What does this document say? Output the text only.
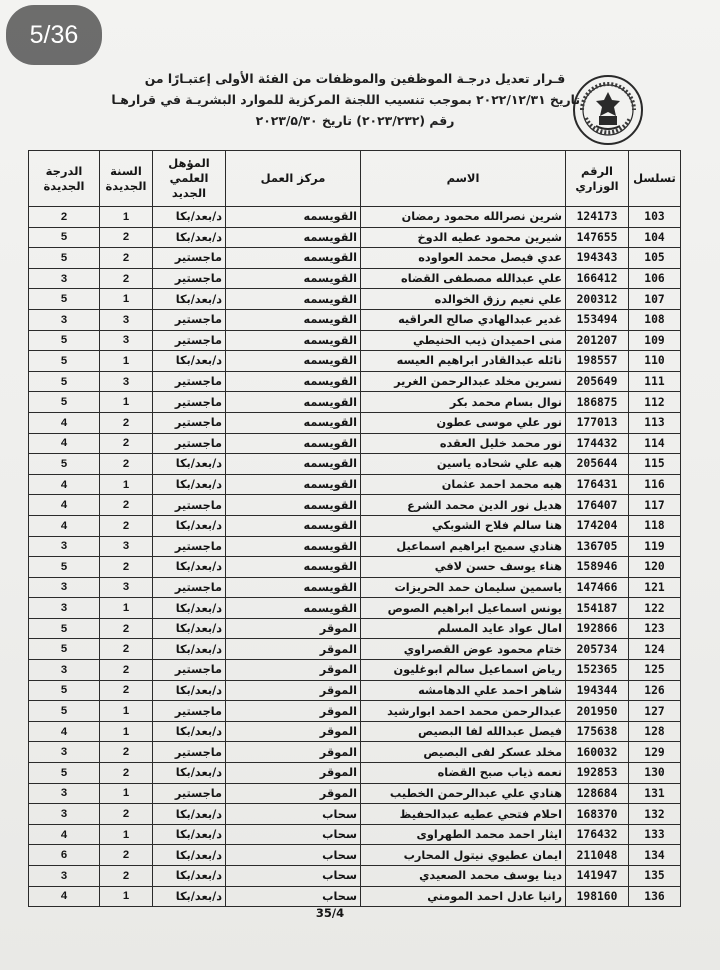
5/36
قـرار تعديل درجـة الموظفين والموظفات من الفئة الأولى إعتبـارًا من
تاريخ ۲۰۲۲/۱۲/۳۱ بموجب تنسيب اللجنة المركزية للموارد البشريـة في قرارهـا
رقم (۲۰۲۳/۲۳۲) تاريخ ۲۰۲۳/۵/۳۰
تسلسل	الرقم الوزاري	الاسم	مركز العمل	المؤهل العلمي الجديد	السنة الجديدة	الدرجة الجديدة
103	124173	شرين نصرالله محمود رمضان	القويسمه	د/بعد/بكا	1	2
104	147655	شيرين محمود عطيه الدوخ	القويسمه	د/بعد/بكا	2	5
105	194343	عدي فيصل محمد العواوده	القويسمه	ماجستير	2	5
106	166412	علي عبدالله مصطفى القضاه	القويسمه	ماجستير	2	3
107	200312	علي نعيم رزق الخوالده	القويسمه	د/بعد/بكا	1	5
108	153494	غدير عبدالهادي صالح العراقيه	القويسمه	ماجستير	3	3
109	201207	منى احميدان ذيب الحنيطي	القويسمه	ماجستير	3	5
110	198557	نائله عبدالقادر ابراهيم العيسه	القويسمه	د/بعد/بكا	1	5
111	205649	نسرين مخلد عبدالرحمن الغرير	القويسمه	ماجستير	3	5
112	186875	نوال بسام محمد بكر	القويسمه	ماجستير	1	5
113	177013	نور علي موسى عطون	القويسمه	ماجستير	2	4
114	174432	نور محمد خليل العقده	القويسمه	ماجستير	2	4
115	205644	هبه علي شحاده ياسين	القويسمه	د/بعد/بكا	2	5
116	176431	هبه محمد احمد عثمان	القويسمه	د/بعد/بكا	1	4
117	176407	هديل نور الدين محمد الشرع	القويسمه	ماجستير	2	4
118	174204	هنا سالم فلاح الشوبكي	القويسمه	د/بعد/بكا	2	4
119	136705	هنادي سميح ابراهيم اسماعيل	القويسمه	ماجستير	3	3
120	158946	هناء يوسف حسن لافي	القويسمه	د/بعد/بكا	2	5
121	147466	ياسمين سليمان حمد الحريزات	القويسمه	ماجستير	3	3
122	154187	يونس اسماعيل ابراهيم الصوص	القويسمه	د/بعد/بكا	1	3
123	192866	امال عواد عايد المسلم	الموقر	د/بعد/بكا	2	5
124	205734	ختام محمود عوض القصراوي	الموقر	د/بعد/بكا	2	5
125	152365	رياض اسماعيل سالم ابوغليون	الموقر	ماجستير	2	3
126	194344	شاهر احمد علي الدهامشه	الموقر	د/بعد/بكا	2	5
127	201950	عبدالرحمن محمد احمد ابوارشيد	الموقر	ماجستير	1	5
128	175638	فيصل عبدالله لفا البصيص	الموقر	د/بعد/بكا	1	4
129	160032	مخلد عسكر لفى البصيص	الموقر	ماجستير	2	3
130	192853	نعمه ذياب صبح القضاه	الموقر	د/بعد/بكا	2	5
131	128684	هنادي علي عبدالرحمن الخطيب	الموقر	ماجستير	1	3
132	168370	احلام فتحي عطيه عبدالحفيظ	سحاب	د/بعد/بكا	2	3
133	176432	ايثار احمد محمد الطهراوى	سحاب	د/بعد/بكا	1	4
134	211048	ايمان عطيوي نيتول المحارب	سحاب	د/بعد/بكا	2	6
135	141947	دينا يوسف محمد الصعيدي	سحاب	د/بعد/بكا	2	3
136	198160	رانيا عادل احمد المومني	سحاب	د/بعد/بكا	1	4
35/4
